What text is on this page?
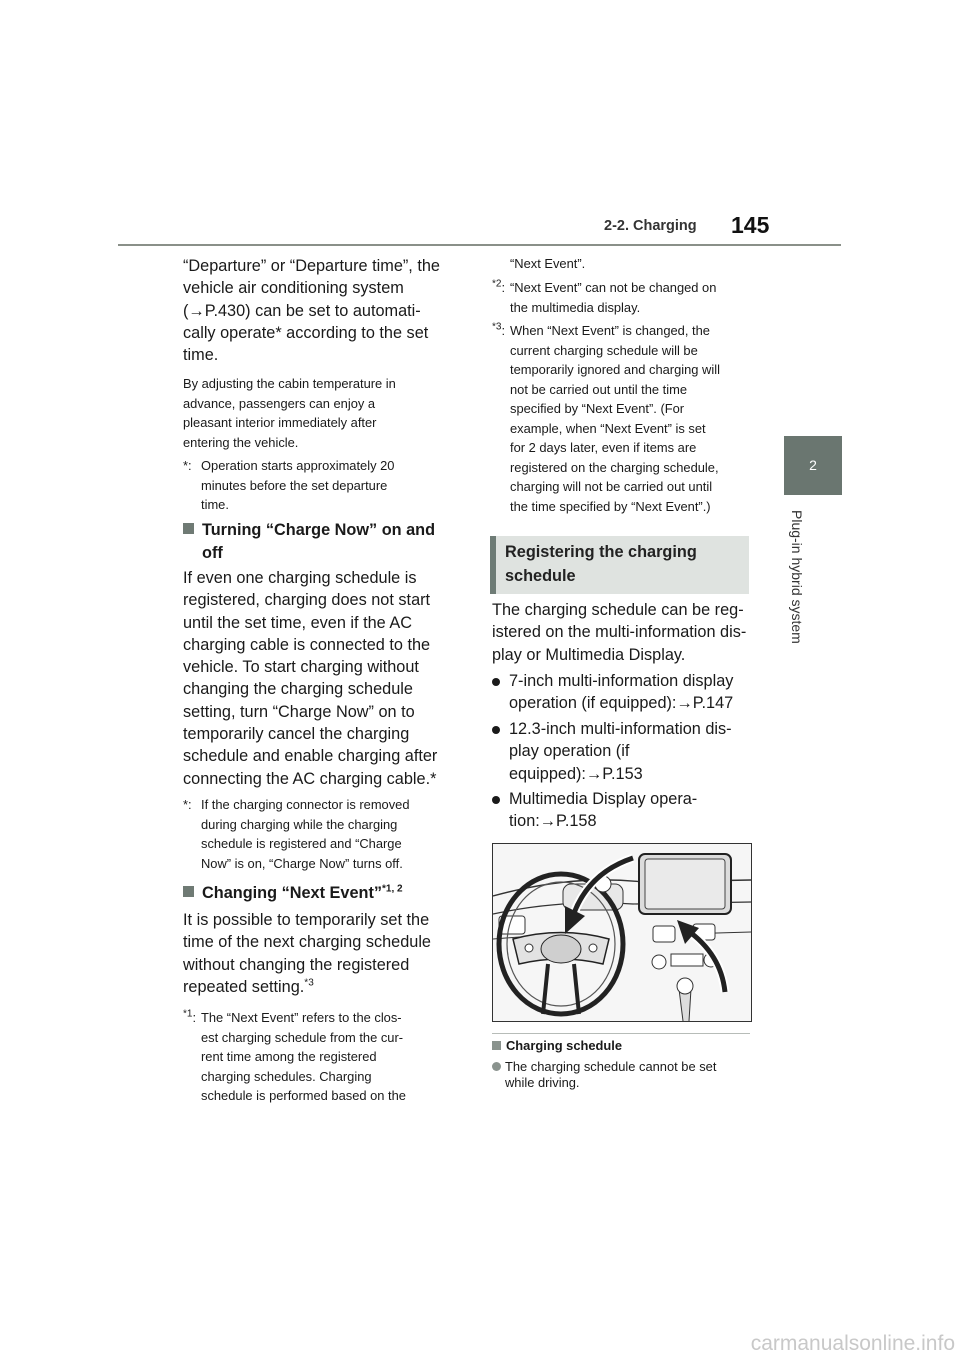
2-2. Charging 145
2
Plug-in hybrid system
“Departure” or “Departure time”, the
vehicle air conditioning system
(→P.430) can be set to automati-
cally operate* according to the set
time.
By adjusting the cabin temperature in
advance, passengers can enjoy a
pleasant interior immediately after
entering the vehicle.
*: Operation starts approximately 20
minutes before the set departure
time.
Turning “Charge Now” on and
off
If even one charging schedule is
registered, charging does not start
until the set time, even if the AC
charging cable is connected to the
vehicle. To start charging without
changing the charging schedule
setting, turn “Charge Now” on to
temporarily cancel the charging
schedule and enable charging after
connecting the AC charging cable.*
*: If the charging connector is removed
during charging while the charging
schedule is registered and “Charge
Now” is on, “Charge Now” turns off.
Changing “Next Event”$^{*1, 2}$
It is possible to temporarily set the
time of the next charging schedule
without changing the registered
repeated setting.$^{*3}$
$^{*1}$: The “Next Event” refers to the clos-
est charging schedule from the cur-
rent time among the registered
charging schedules. Charging
schedule is performed based on the
“Next Event”.
$^{*2}$: “Next Event” can not be changed on
the multimedia display.
$^{*3}$: When “Next Event” is changed, the
current charging schedule will be
temporarily ignored and charging will
not be carried out until the time
specified by “Next Event”. (For
example, when “Next Event” is set
for 2 days later, even if items are
registered on the charging schedule,
charging will not be carried out until
the time specified by “Next Event”.)
Registering the charging
schedule
The charging schedule can be reg-
istered on the multi-information dis-
play or Multimedia Display.
7-inch multi-information display
operation (if equipped):→P.147
12.3-inch multi-information dis-
play operation (if
equipped):→P.153
Multimedia Display opera-
tion:→P.158
Charging schedule
The charging schedule cannot be set
while driving.
carmanualsonline.info
